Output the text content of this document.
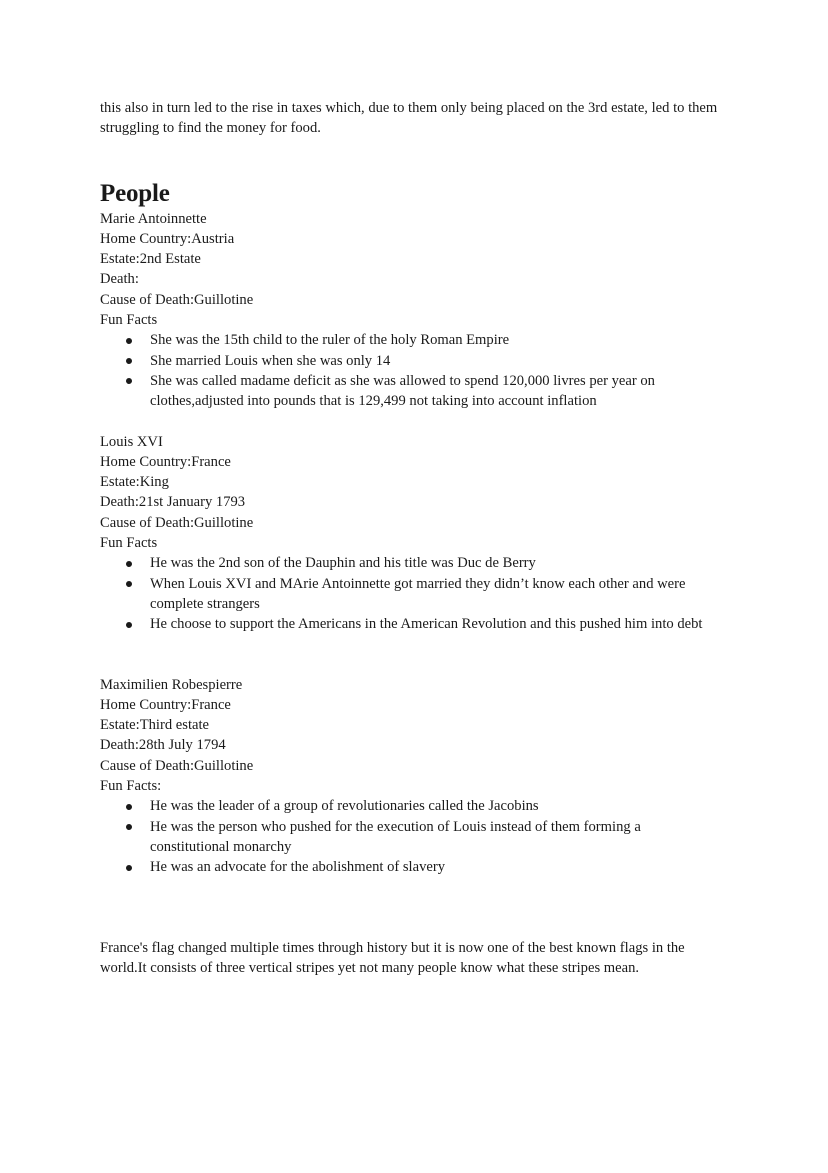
this also in turn led to the rise in taxes which, due to them only being placed on the 3rd estate, led to them struggling to find the money for food.

People

Marie Antoinnette

Home Country:Austria

Estate:2nd Estate

Death:

Cause of Death:Guillotine

Fun Facts

She was the 15th child to the ruler of the holy Roman Empire
She married Louis when she was only 14
She was called madame deficit as she was allowed to spend 120,000 livres per year on clothes,adjusted into pounds that is 129,499 not taking into account inflation

Louis XVI

Home Country:France

Estate:King

Death:21st January 1793

Cause of Death:Guillotine

Fun Facts

He was the 2nd son of the Dauphin and his title was Duc de Berry
When Louis XVI and MArie Antoinnette got married they didn’t know each other and were complete strangers
He choose to support the Americans in the American Revolution and this pushed him into debt

Maximilien Robespierre

Home Country:France

Estate:Third estate

Death:28th July 1794

Cause of Death:Guillotine

Fun Facts:

He was the leader of a group of revolutionaries called the Jacobins
He was the person who pushed for the execution of Louis instead of them forming a constitutional monarchy
He was an advocate for the abolishment of slavery

France's flag changed multiple times through history but it is now one of the best known flags in the world.It consists of three vertical stripes yet not many people know what these stripes mean.
